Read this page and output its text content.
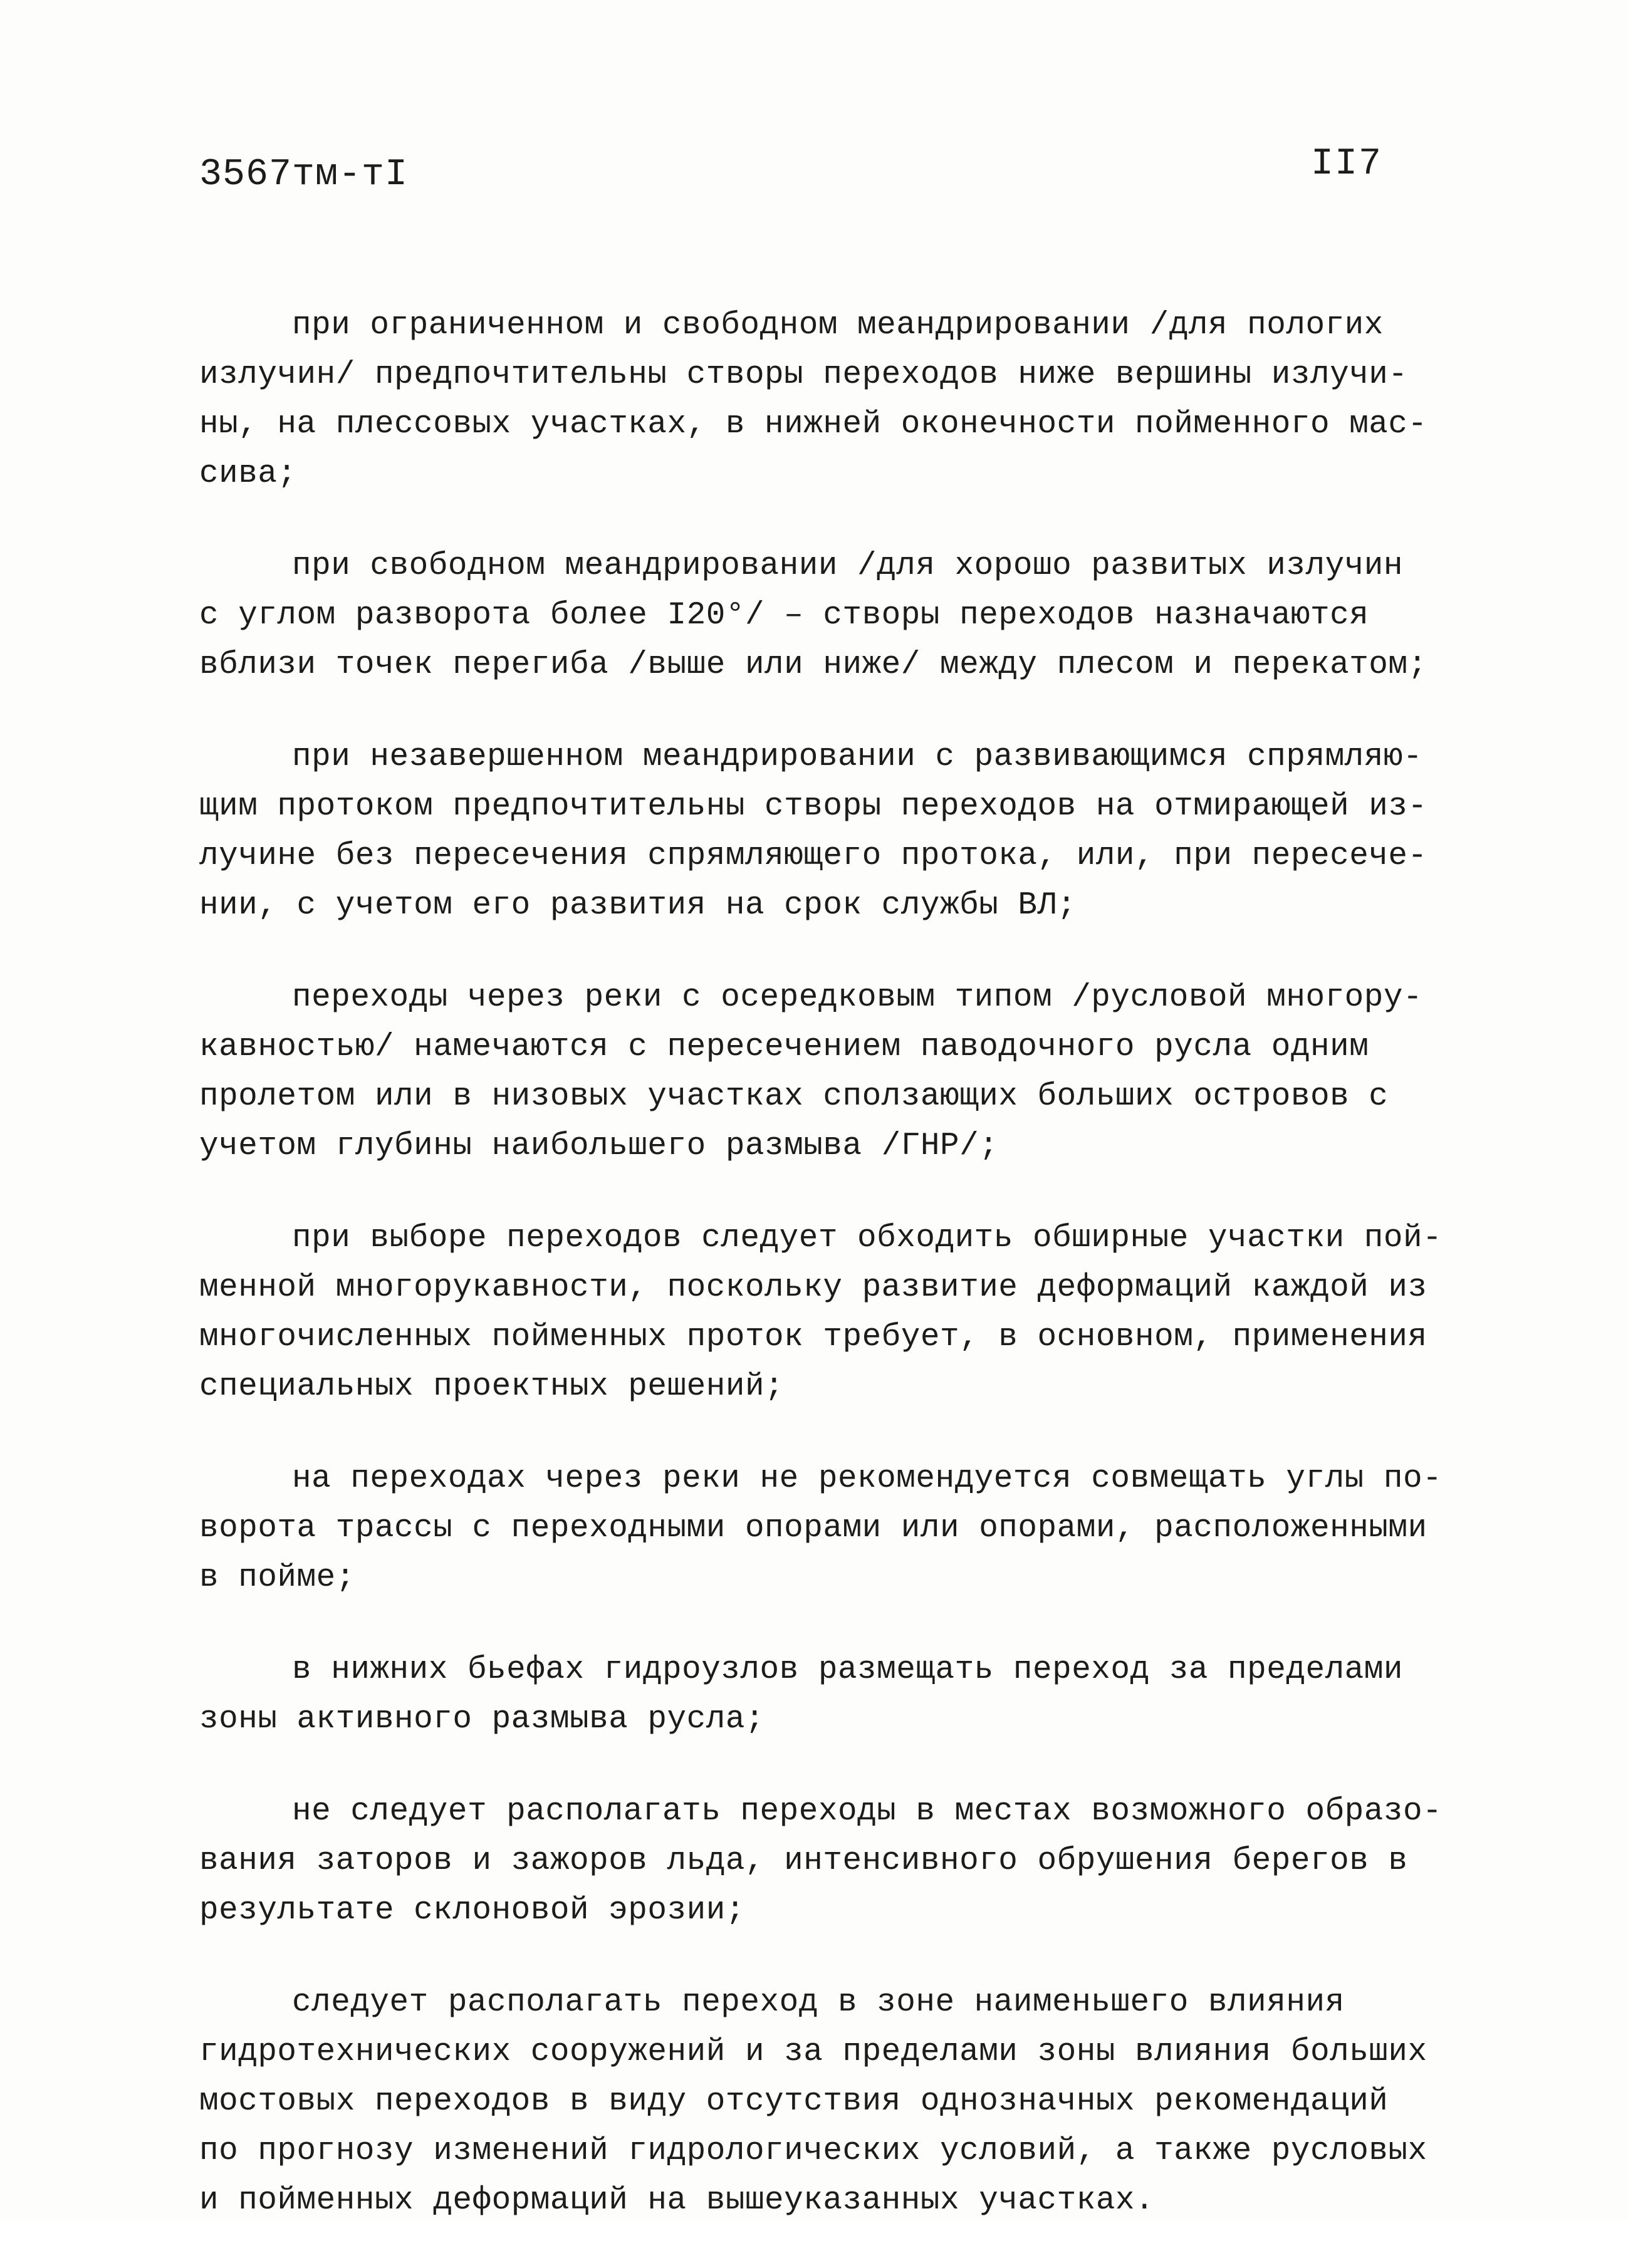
3567тм-тI	II7
при ограниченном и свободном меандрировании /для пологих
излучин/ предпочтительны створы переходов ниже вершины излучи-
ны, на плессовых участках, в нижней оконечности пойменного мас-
сива;
при свободном меандрировании /для хорошо развитых излучин
с углом разворота более I20°/ – створы переходов назначаются
вблизи точек перегиба /выше или ниже/ между плесом и перекатом;
при незавершенном меандрировании с развивающимся спрямляю-
щим протоком предпочтительны створы переходов на отмирающей из-
лучине без пересечения спрямляющего протока, или, при пересече-
нии, с учетом его развития на срок службы ВЛ;
переходы через реки с осередковым типом /русловой многору-
кавностью/ намечаются с пересечением паводочного русла одним
пролетом или в низовых участках сползающих больших островов с
учетом глубины наибольшего размыва /ГНР/;
при выборе переходов следует обходить обширные участки пой-
менной многорукавности, поскольку развитие деформаций каждой из
многочисленных пойменных проток требует, в основном, применения
специальных проектных решений;
на переходах через реки не рекомендуется совмещать углы по-
ворота трассы с переходными опорами или опорами, расположенными
в пойме;
в нижних бьефах гидроузлов размещать переход за пределами
зоны активного размыва русла;
не следует располагать переходы в местах возможного образо-
вания заторов и зажоров льда, интенсивного обрушения берегов в
результате склоновой эрозии;
следует располагать переход в зоне наименьшего влияния
гидротехнических сооружений и за пределами зоны влияния больших
мостовых переходов в виду отсутствия однозначных рекомендаций
по прогнозу изменений гидрологических условий, а также русловых
и пойменных деформаций на вышеуказанных участках.
